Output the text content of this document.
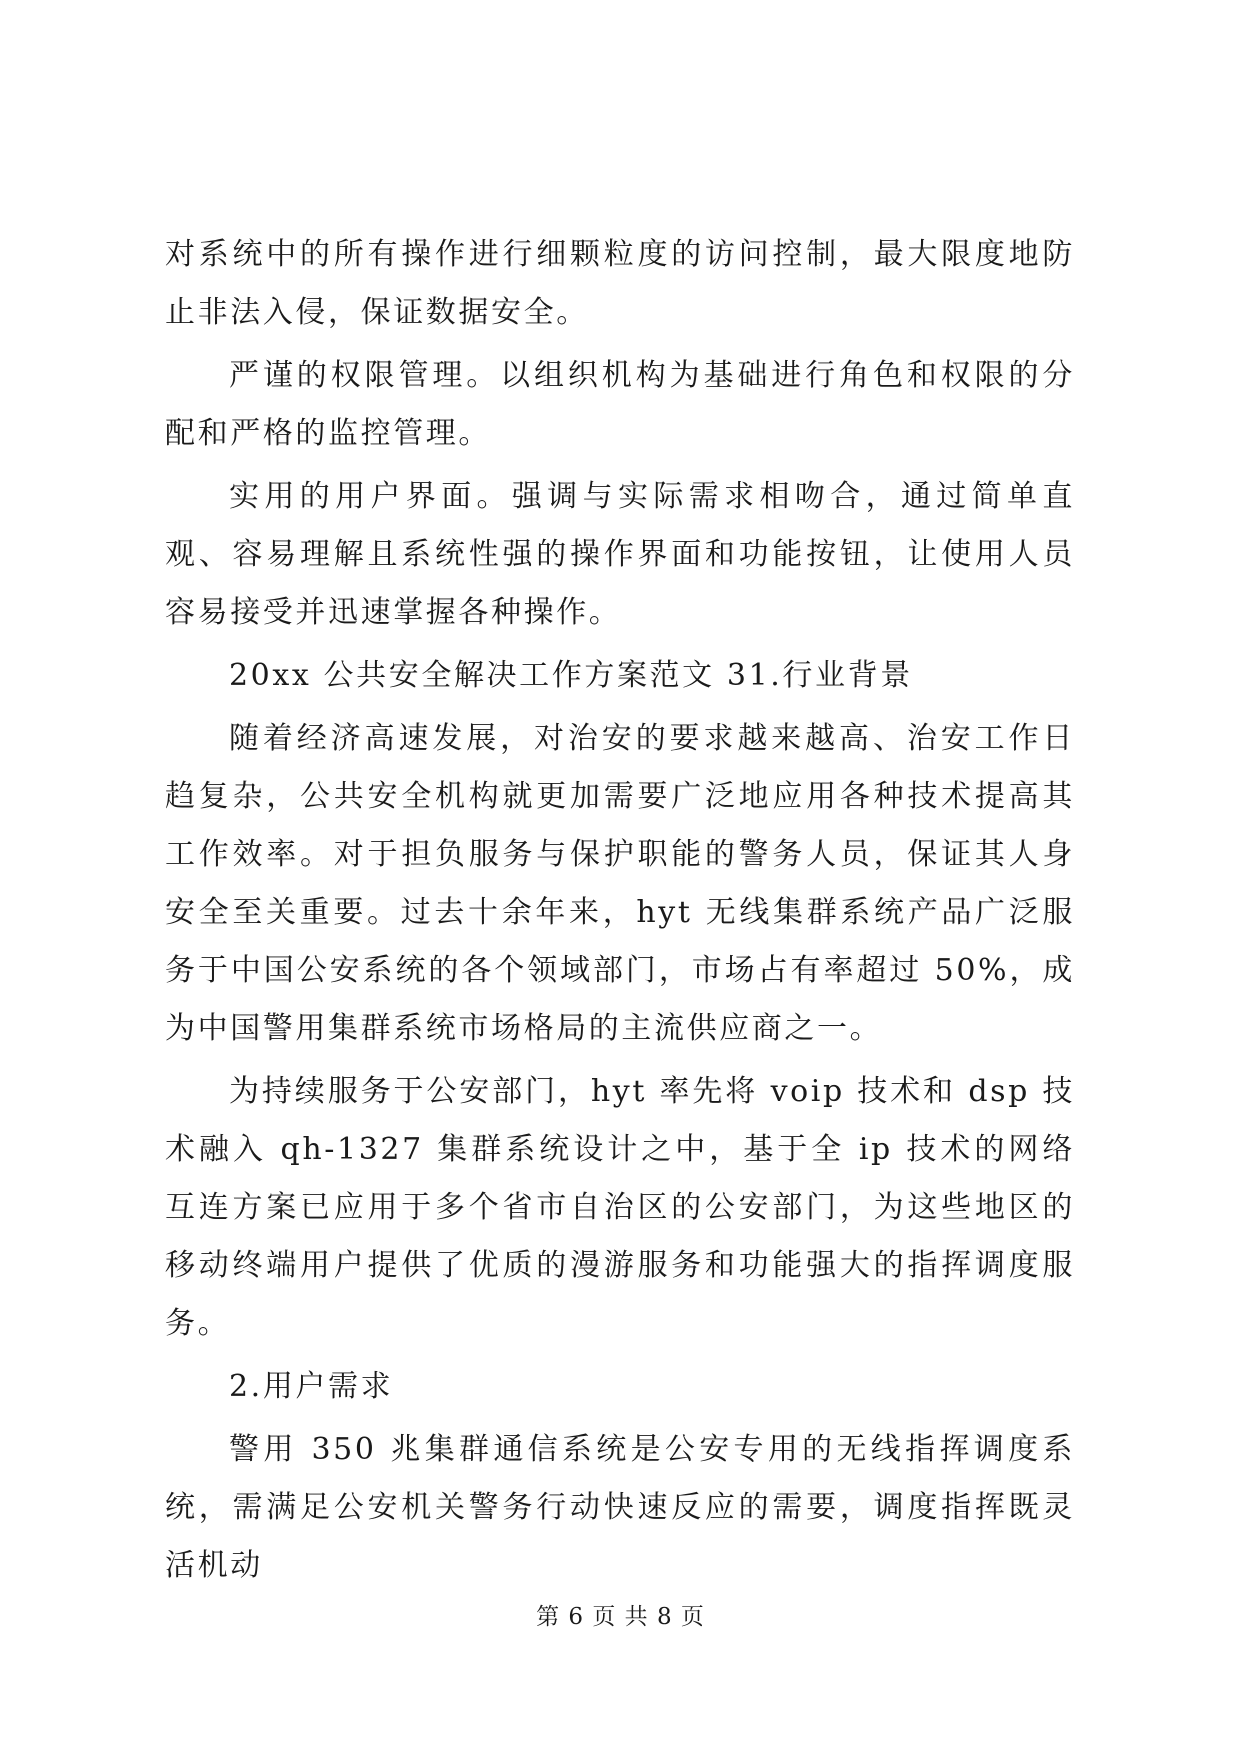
对系统中的所有操作进行细颗粒度的访问控制，最大限度地防止非法入侵，保证数据安全。

严谨的权限管理。以组织机构为基础进行角色和权限的分配和严格的监控管理。

实用的用户界面。强调与实际需求相吻合，通过简单直观、容易理解且系统性强的操作界面和功能按钮，让使用人员容易接受并迅速掌握各种操作。

20xx 公共安全解决工作方案范文 31.行业背景

随着经济高速发展，对治安的要求越来越高、治安工作日趋复杂，公共安全机构就更加需要广泛地应用各种技术提高其工作效率。对于担负服务与保护职能的警务人员，保证其人身安全至关重要。过去十余年来，hyt 无线集群系统产品广泛服务于中国公安系统的各个领域部门，市场占有率超过 50%，成为中国警用集群系统市场格局的主流供应商之一。

为持续服务于公安部门，hyt 率先将 voip 技术和 dsp 技术融入 qh-1327 集群系统设计之中，基于全 ip 技术的网络互连方案已应用于多个省市自治区的公安部门，为这些地区的移动终端用户提供了优质的漫游服务和功能强大的指挥调度服务。

2.用户需求

警用 350 兆集群通信系统是公安专用的无线指挥调度系统，需满足公安机关警务行动快速反应的需要，调度指挥既灵活机动

第 6 页 共 8 页
